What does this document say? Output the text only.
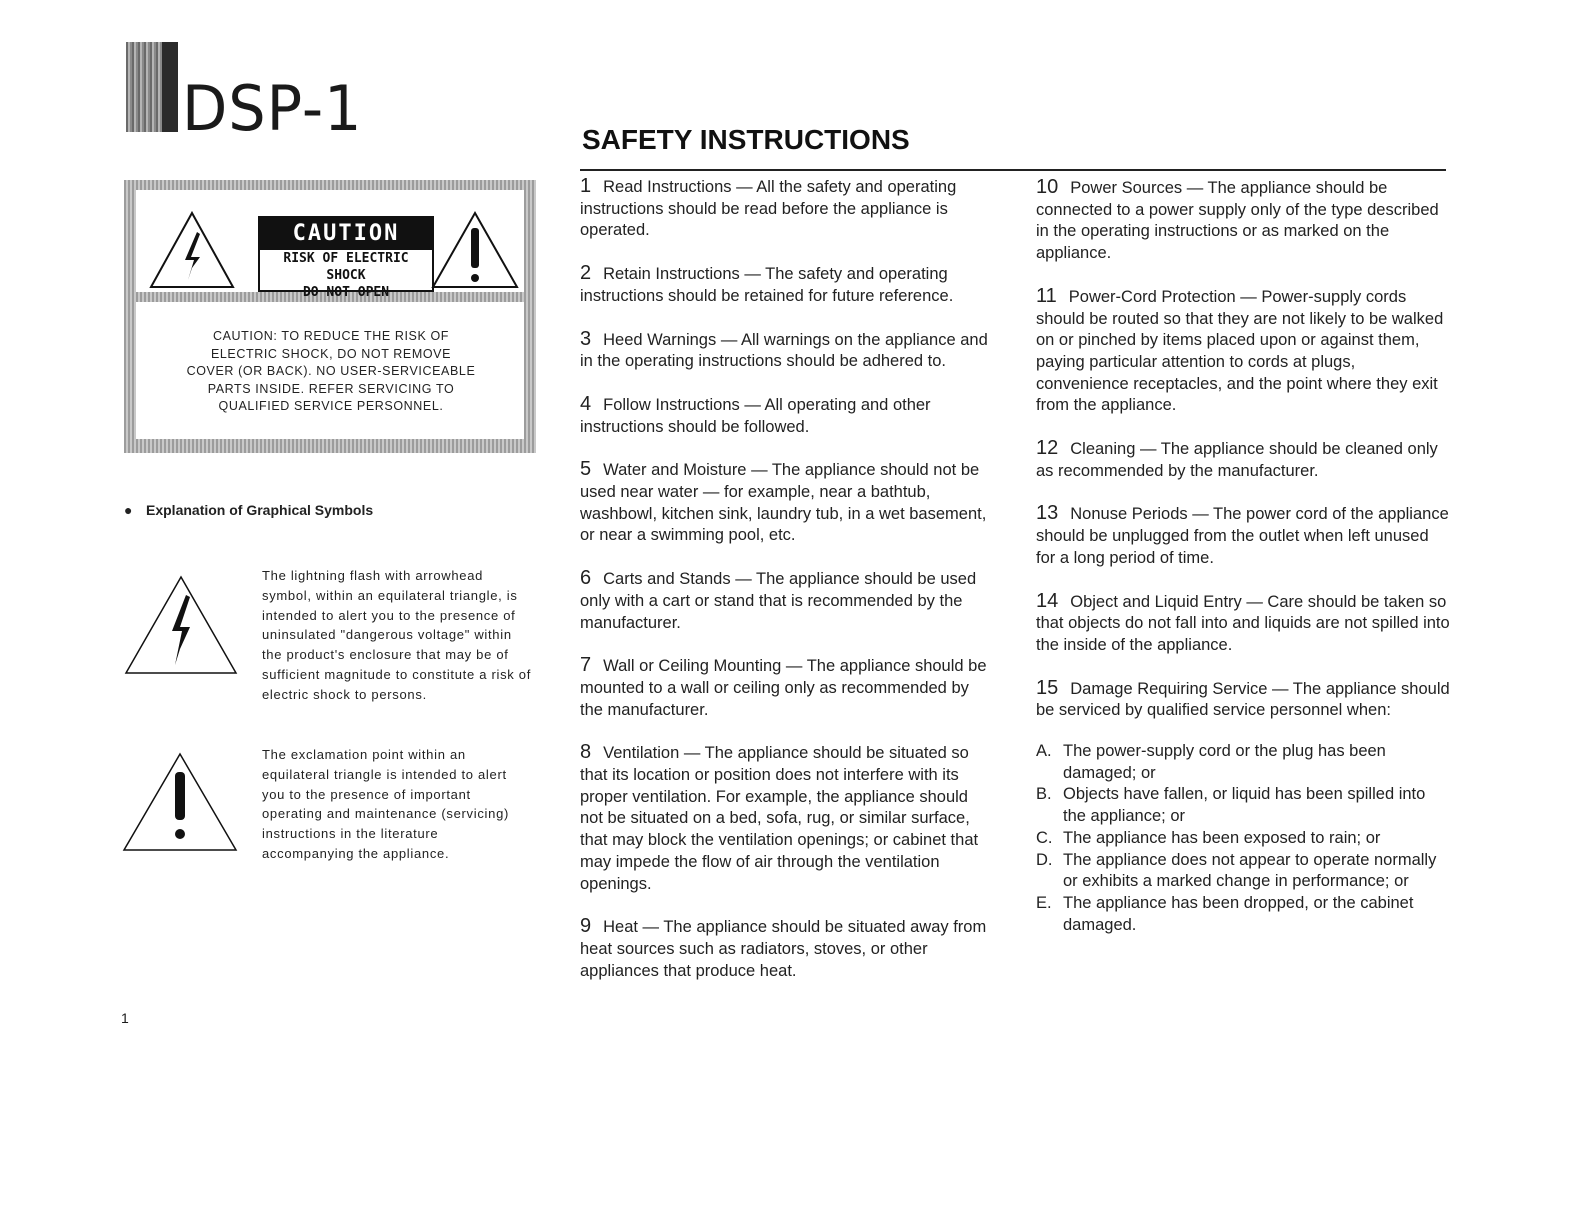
DSP-1
CAUTION
RISK OF ELECTRIC SHOCK
DO NOT OPEN
CAUTION: TO REDUCE THE RISK OF
ELECTRIC SHOCK, DO NOT REMOVE
COVER (OR BACK). NO USER-SERVICEABLE
PARTS INSIDE. REFER SERVICING TO
QUALIFIED SERVICE PERSONNEL.
● Explanation of Graphical Symbols
The lightning flash with arrowhead symbol, within an equilateral triangle, is intended to alert you to the presence of uninsulated "dangerous voltage" within the product's enclosure that may be of sufficient magnitude to constitute a risk of electric shock to persons.
The exclamation point within an equilateral triangle is intended to alert you to the presence of important operating and maintenance (servicing) instructions in the literature accompanying the appliance.
1
SAFETY INSTRUCTIONS
1 Read Instructions — All the safety and operating instructions should be read before the appliance is operated.
2 Retain Instructions — The safety and operating instructions should be retained for future reference.
3 Heed Warnings — All warnings on the appliance and in the operating instructions should be adhered to.
4 Follow Instructions — All operating and other instructions should be followed.
5 Water and Moisture — The appliance should not be used near water — for example, near a bathtub, washbowl, kitchen sink, laundry tub, in a wet basement, or near a swimming pool, etc.
6 Carts and Stands — The appliance should be used only with a cart or stand that is recommended by the manufacturer.
7 Wall or Ceiling Mounting — The appliance should be mounted to a wall or ceiling only as recommended by the manufacturer.
8 Ventilation — The appliance should be situated so that its location or position does not interfere with its proper ventilation. For example, the appliance should not be situated on a bed, sofa, rug, or similar surface, that may block the ventilation openings; or cabinet that may impede the flow of air through the ventilation openings.
9 Heat — The appliance should be situated away from heat sources such as radiators, stoves, or other appliances that produce heat.
10 Power Sources — The appliance should be connected to a power supply only of the type described in the operating instructions or as marked on the appliance.
11 Power-Cord Protection — Power-supply cords should be routed so that they are not likely to be walked on or pinched by items placed upon or against them, paying particular attention to cords at plugs, convenience receptacles, and the point where they exit from the appliance.
12 Cleaning — The appliance should be cleaned only as recommended by the manufacturer.
13 Nonuse Periods — The power cord of the appliance should be unplugged from the outlet when left unused for a long period of time.
14 Object and Liquid Entry — Care should be taken so that objects do not fall into and liquids are not spilled into the inside of the appliance.
15 Damage Requiring Service — The appliance should be serviced by qualified service personnel when:
A. The power-supply cord or the plug has been damaged; or
B. Objects have fallen, or liquid has been spilled into the appliance; or
C. The appliance has been exposed to rain; or
D. The appliance does not appear to operate normally or exhibits a marked change in performance; or
E. The appliance has been dropped, or the cabinet damaged.
